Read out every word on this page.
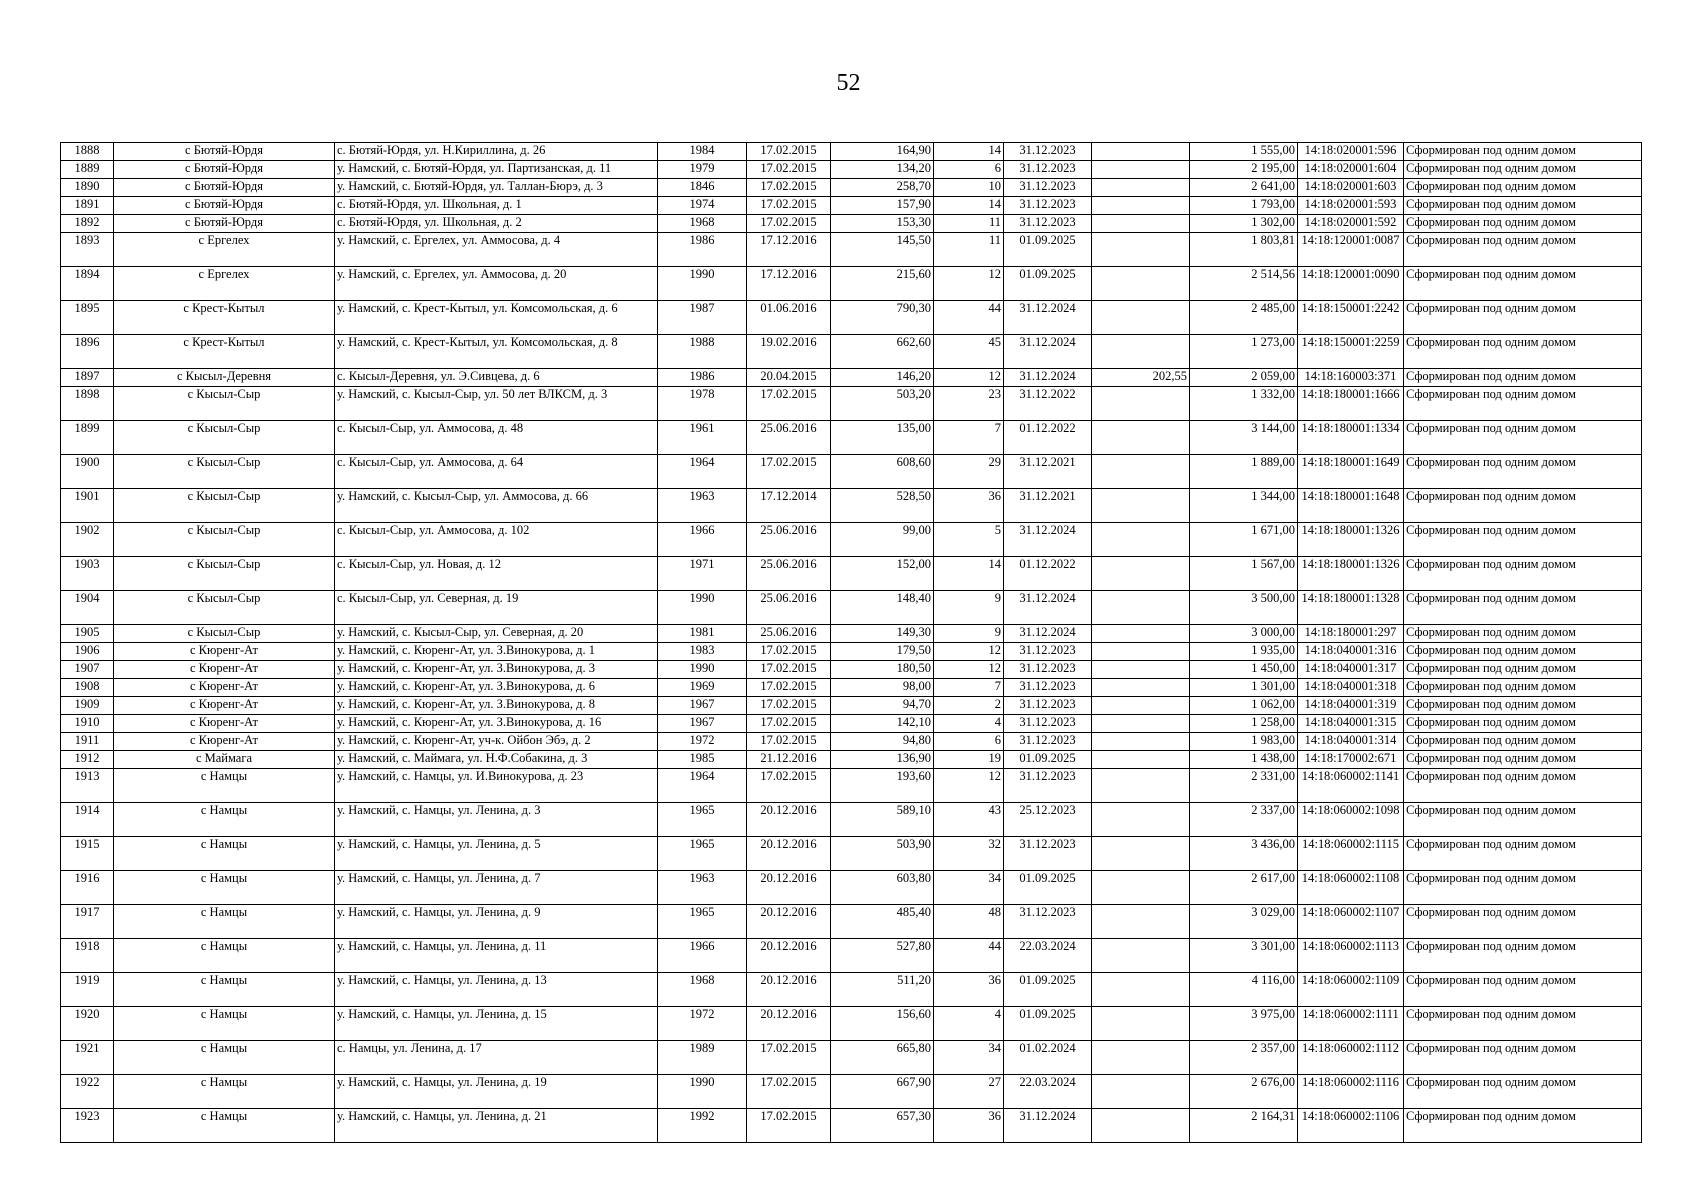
52
1888	с Бютяй-Юрдя	с. Бютяй-Юрдя, ул. Н.Кириллина, д. 26	1984	17.02.2015	164,90	14	31.12.2023		1 555,00	14:18:020001:596	Сформирован под одним домом
1889	с Бютяй-Юрдя	у. Намский, с. Бютяй-Юрдя, ул. Партизанская, д. 11	1979	17.02.2015	134,20	6	31.12.2023		2 195,00	14:18:020001:604	Сформирован под одним домом
1890	с Бютяй-Юрдя	у. Намский, с. Бютяй-Юрдя, ул. Таллан-Бюрэ, д. 3	1846	17.02.2015	258,70	10	31.12.2023		2 641,00	14:18:020001:603	Сформирован под одним домом
1891	с Бютяй-Юрдя	с. Бютяй-Юрдя, ул. Школьная, д. 1	1974	17.02.2015	157,90	14	31.12.2023		1 793,00	14:18:020001:593	Сформирован под одним домом
1892	с Бютяй-Юрдя	с. Бютяй-Юрдя, ул. Школьная, д. 2	1968	17.02.2015	153,30	11	31.12.2023		1 302,00	14:18:020001:592	Сформирован под одним домом
1893	с Ергелех	у. Намский, с. Ергелех, ул. Аммосова, д. 4	1986	17.12.2016	145,50	11	01.09.2025		1 803,81	14:18:120001:0087	Сформирован под одним домом
1894	с Ергелех	у. Намский, с. Ергелех, ул. Аммосова, д. 20	1990	17.12.2016	215,60	12	01.09.2025		2 514,56	14:18:120001:0090	Сформирован под одним домом
1895	с Крест-Кытыл	у. Намский, с. Крест-Кытыл, ул. Комсомольская, д. 6	1987	01.06.2016	790,30	44	31.12.2024		2 485,00	14:18:150001:2242	Сформирован под одним домом
1896	с Крест-Кытыл	у. Намский, с. Крест-Кытыл, ул. Комсомольская, д. 8	1988	19.02.2016	662,60	45	31.12.2024		1 273,00	14:18:150001:2259	Сформирован под одним домом
1897	с Кысыл-Деревня	с. Кысыл-Деревня, ул. Э.Сивцева, д. 6	1986	20.04.2015	146,20	12	31.12.2024	202,55	2 059,00	14:18:160003:371	Сформирован под одним домом
1898	с Кысыл-Сыр	у. Намский, с. Кысыл-Сыр, ул. 50 лет ВЛКСМ, д. 3	1978	17.02.2015	503,20	23	31.12.2022		1 332,00	14:18:180001:1666	Сформирован под одним домом
1899	с Кысыл-Сыр	с. Кысыл-Сыр, ул. Аммосова, д. 48	1961	25.06.2016	135,00	7	01.12.2022		3 144,00	14:18:180001:1334	Сформирован под одним домом
1900	с Кысыл-Сыр	с. Кысыл-Сыр, ул. Аммосова, д. 64	1964	17.02.2015	608,60	29	31.12.2021		1 889,00	14:18:180001:1649	Сформирован под одним домом
1901	с Кысыл-Сыр	у. Намский, с. Кысыл-Сыр, ул. Аммосова, д. 66	1963	17.12.2014	528,50	36	31.12.2021		1 344,00	14:18:180001:1648	Сформирован под одним домом
1902	с Кысыл-Сыр	с. Кысыл-Сыр, ул. Аммосова, д. 102	1966	25.06.2016	99,00	5	31.12.2024		1 671,00	14:18:180001:1326	Сформирован под одним домом
1903	с Кысыл-Сыр	с. Кысыл-Сыр, ул. Новая, д. 12	1971	25.06.2016	152,00	14	01.12.2022		1 567,00	14:18:180001:1326	Сформирован под одним домом
1904	с Кысыл-Сыр	с. Кысыл-Сыр, ул. Северная, д. 19	1990	25.06.2016	148,40	9	31.12.2024		3 500,00	14:18:180001:1328	Сформирован под одним домом
1905	с Кысыл-Сыр	у. Намский, с. Кысыл-Сыр, ул. Северная, д. 20	1981	25.06.2016	149,30	9	31.12.2024		3 000,00	14:18:180001:297	Сформирован под одним домом
1906	с Кюренг-Ат	у. Намский, с. Кюренг-Ат, ул. З.Винокурова, д. 1	1983	17.02.2015	179,50	12	31.12.2023		1 935,00	14:18:040001:316	Сформирован под одним домом
1907	с Кюренг-Ат	у. Намский, с. Кюренг-Ат, ул. З.Винокурова, д. 3	1990	17.02.2015	180,50	12	31.12.2023		1 450,00	14:18:040001:317	Сформирован под одним домом
1908	с Кюренг-Ат	у. Намский, с. Кюренг-Ат, ул. З.Винокурова, д. 6	1969	17.02.2015	98,00	7	31.12.2023		1 301,00	14:18:040001:318	Сформирован под одним домом
1909	с Кюренг-Ат	у. Намский, с. Кюренг-Ат, ул. З.Винокурова, д. 8	1967	17.02.2015	94,70	2	31.12.2023		1 062,00	14:18:040001:319	Сформирован под одним домом
1910	с Кюренг-Ат	у. Намский, с. Кюренг-Ат, ул. З.Винокурова, д. 16	1967	17.02.2015	142,10	4	31.12.2023		1 258,00	14:18:040001:315	Сформирован под одним домом
1911	с Кюренг-Ат	у. Намский, с. Кюренг-Ат, уч-к. Ойбон Эбэ, д. 2	1972	17.02.2015	94,80	6	31.12.2023		1 983,00	14:18:040001:314	Сформирован под одним домом
1912	с Маймага	у. Намский, с. Маймага, ул. Н.Ф.Собакина, д. 3	1985	21.12.2016	136,90	19	01.09.2025		1 438,00	14:18:170002:671	Сформирован под одним домом
1913	с Намцы	у. Намский, с. Намцы, ул. И.Винокурова, д. 23	1964	17.02.2015	193,60	12	31.12.2023		2 331,00	14:18:060002:1141	Сформирован под одним домом
1914	с Намцы	у. Намский, с. Намцы, ул. Ленина, д. 3	1965	20.12.2016	589,10	43	25.12.2023		2 337,00	14:18:060002:1098	Сформирован под одним домом
1915	с Намцы	у. Намский, с. Намцы, ул. Ленина, д. 5	1965	20.12.2016	503,90	32	31.12.2023		3 436,00	14:18:060002:1115	Сформирован под одним домом
1916	с Намцы	у. Намский, с. Намцы, ул. Ленина, д. 7	1963	20.12.2016	603,80	34	01.09.2025		2 617,00	14:18:060002:1108	Сформирован под одним домом
1917	с Намцы	у. Намский, с. Намцы, ул. Ленина, д. 9	1965	20.12.2016	485,40	48	31.12.2023		3 029,00	14:18:060002:1107	Сформирован под одним домом
1918	с Намцы	у. Намский, с. Намцы, ул. Ленина, д. 11	1966	20.12.2016	527,80	44	22.03.2024		3 301,00	14:18:060002:1113	Сформирован под одним домом
1919	с Намцы	у. Намский, с. Намцы, ул. Ленина, д. 13	1968	20.12.2016	511,20	36	01.09.2025		4 116,00	14:18:060002:1109	Сформирован под одним домом
1920	с Намцы	у. Намский, с. Намцы, ул. Ленина, д. 15	1972	20.12.2016	156,60	4	01.09.2025		3 975,00	14:18:060002:1111	Сформирован под одним домом
1921	с Намцы	с. Намцы, ул. Ленина, д. 17	1989	17.02.2015	665,80	34	01.02.2024		2 357,00	14:18:060002:1112	Сформирован под одним домом
1922	с Намцы	у. Намский, с. Намцы, ул. Ленина, д. 19	1990	17.02.2015	667,90	27	22.03.2024		2 676,00	14:18:060002:1116	Сформирован под одним домом
1923	с Намцы	у. Намский, с. Намцы, ул. Ленина, д. 21	1992	17.02.2015	657,30	36	31.12.2024		2 164,31	14:18:060002:1106	Сформирован под одним домом
